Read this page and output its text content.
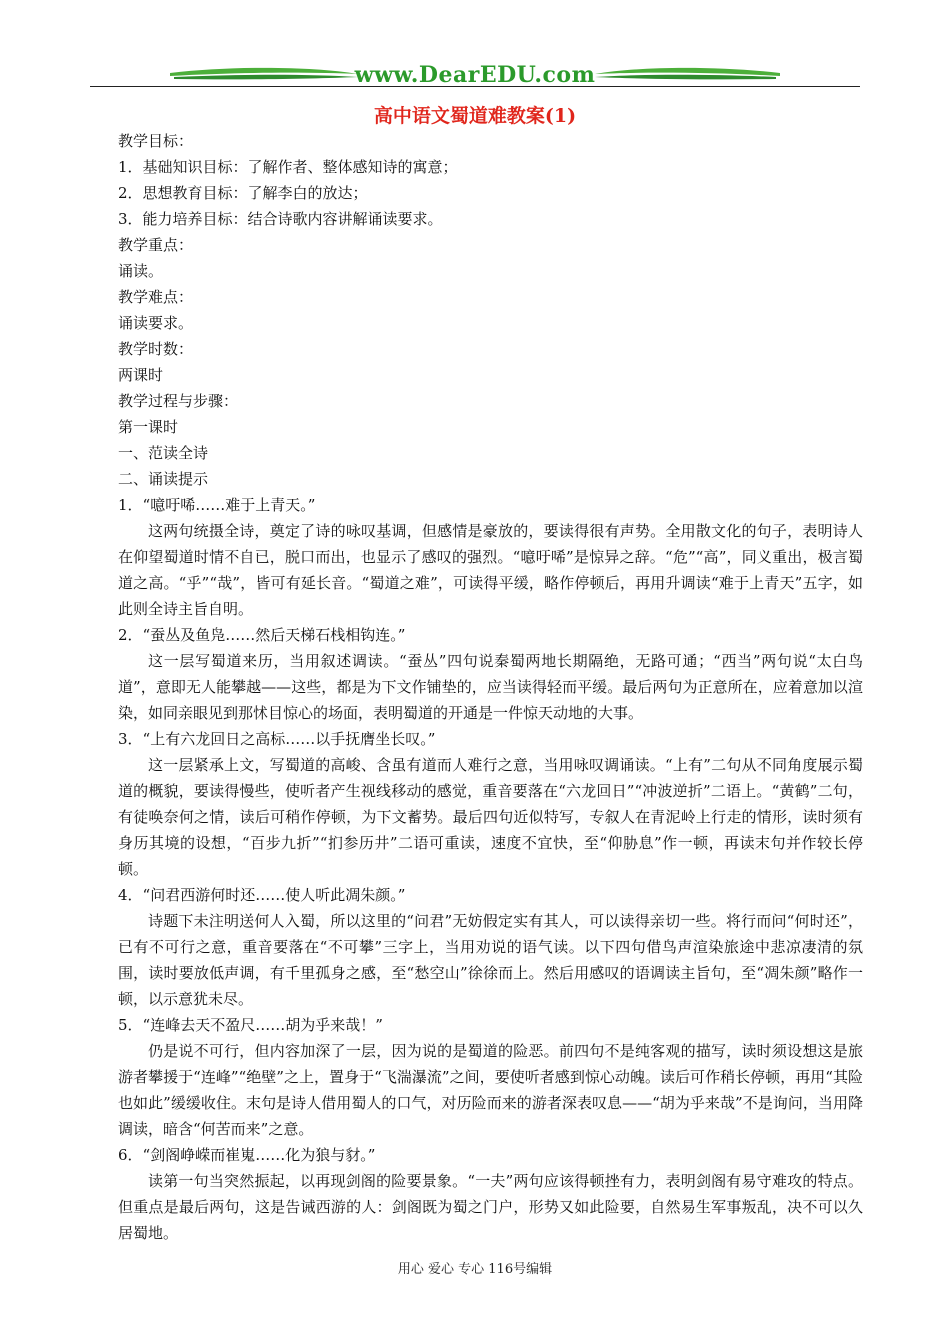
www.DearEDU.com
高中语文蜀道难教案(1)

教学目标：

1．基础知识目标：了解作者、整体感知诗的寓意；

2．思想教育目标：了解李白的放达；

3．能力培养目标：结合诗歌内容讲解诵读要求。

教学重点：

诵读。

教学难点：

诵读要求。

教学时数：

两课时

教学过程与步骤：

第一课时

一、范读全诗

二、诵读提示

1．“噫吁唏……难于上青天。”

这两句统摄全诗，奠定了诗的咏叹基调，但感情是豪放的，要读得很有声势。全用散文化的句子，表明诗人在仰望蜀道时情不自已，脱口而出，也显示了感叹的强烈。“噫吁唏”是惊异之辞。“危”“高”，同义重出，极言蜀道之高。“乎”“哉”，皆可有延长音。“蜀道之难”，可读得平缓，略作停顿后，再用升调读“难于上青天”五字，如此则全诗主旨自明。

2．“蚕丛及鱼凫……然后天梯石栈相钩连。”

这一层写蜀道来历，当用叙述调读。“蚕丛”四句说秦蜀两地长期隔绝，无路可通；“西当”两句说“太白鸟道”，意即无人能攀越——这些，都是为下文作铺垫的，应当读得轻而平缓。最后两句为正意所在，应着意加以渲染，如同亲眼见到那怵目惊心的场面，表明蜀道的开通是一件惊天动地的大事。

3．“上有六龙回日之高标……以手抚膺坐长叹。”

这一层紧承上文，写蜀道的高峻、含虽有道而人难行之意，当用咏叹调诵读。“上有”二句从不同角度展示蜀道的概貌，要读得慢些，使听者产生视线移动的感觉，重音要落在“六龙回日”“冲波逆折”二语上。“黄鹤”二句，有徒唤奈何之情，读后可稍作停顿，为下文蓄势。最后四句近似特写，专叙人在青泥岭上行走的情形，读时须有身历其境的设想，“百步九折”“扪参历井”二语可重读，速度不宜快，至“仰胁息”作一顿，再读末句并作较长停顿。

4．“问君西游何时还……使人听此凋朱颜。”

诗题下未注明送何人入蜀，所以这里的“问君”无妨假定实有其人，可以读得亲切一些。将行而问“何时还”，已有不可行之意，重音要落在“不可攀”三字上，当用劝说的语气读。以下四句借鸟声渲染旅途中悲凉凄清的氛围，读时要放低声调，有千里孤身之感，至“愁空山”徐徐而上。然后用感叹的语调读主旨句，至“凋朱颜”略作一顿，以示意犹未尽。

5．“连峰去天不盈尺……胡为乎来哉！”

仍是说不可行，但内容加深了一层，因为说的是蜀道的险恶。前四句不是纯客观的描写，读时须设想这是旅游者攀援于“连峰”“绝壁”之上，置身于“飞湍瀑流”之间，要使听者感到惊心动魄。读后可作稍长停顿，再用“其险也如此”缓缓收住。末句是诗人借用蜀人的口气，对历险而来的游者深表叹息——“胡为乎来哉”不是询问，当用降调读，暗含“何苦而来”之意。

6．“剑阁峥嵘而崔嵬……化为狼与豺。”

读第一句当突然振起，以再现剑阁的险要景象。“一夫”两句应该得顿挫有力，表明剑阁有易守难攻的特点。但重点是最后两句，这是告诫西游的人：剑阁既为蜀之门户，形势又如此险要，自然易生军事叛乱，决不可以久居蜀地。

用心 爱心 专心 116号编辑
